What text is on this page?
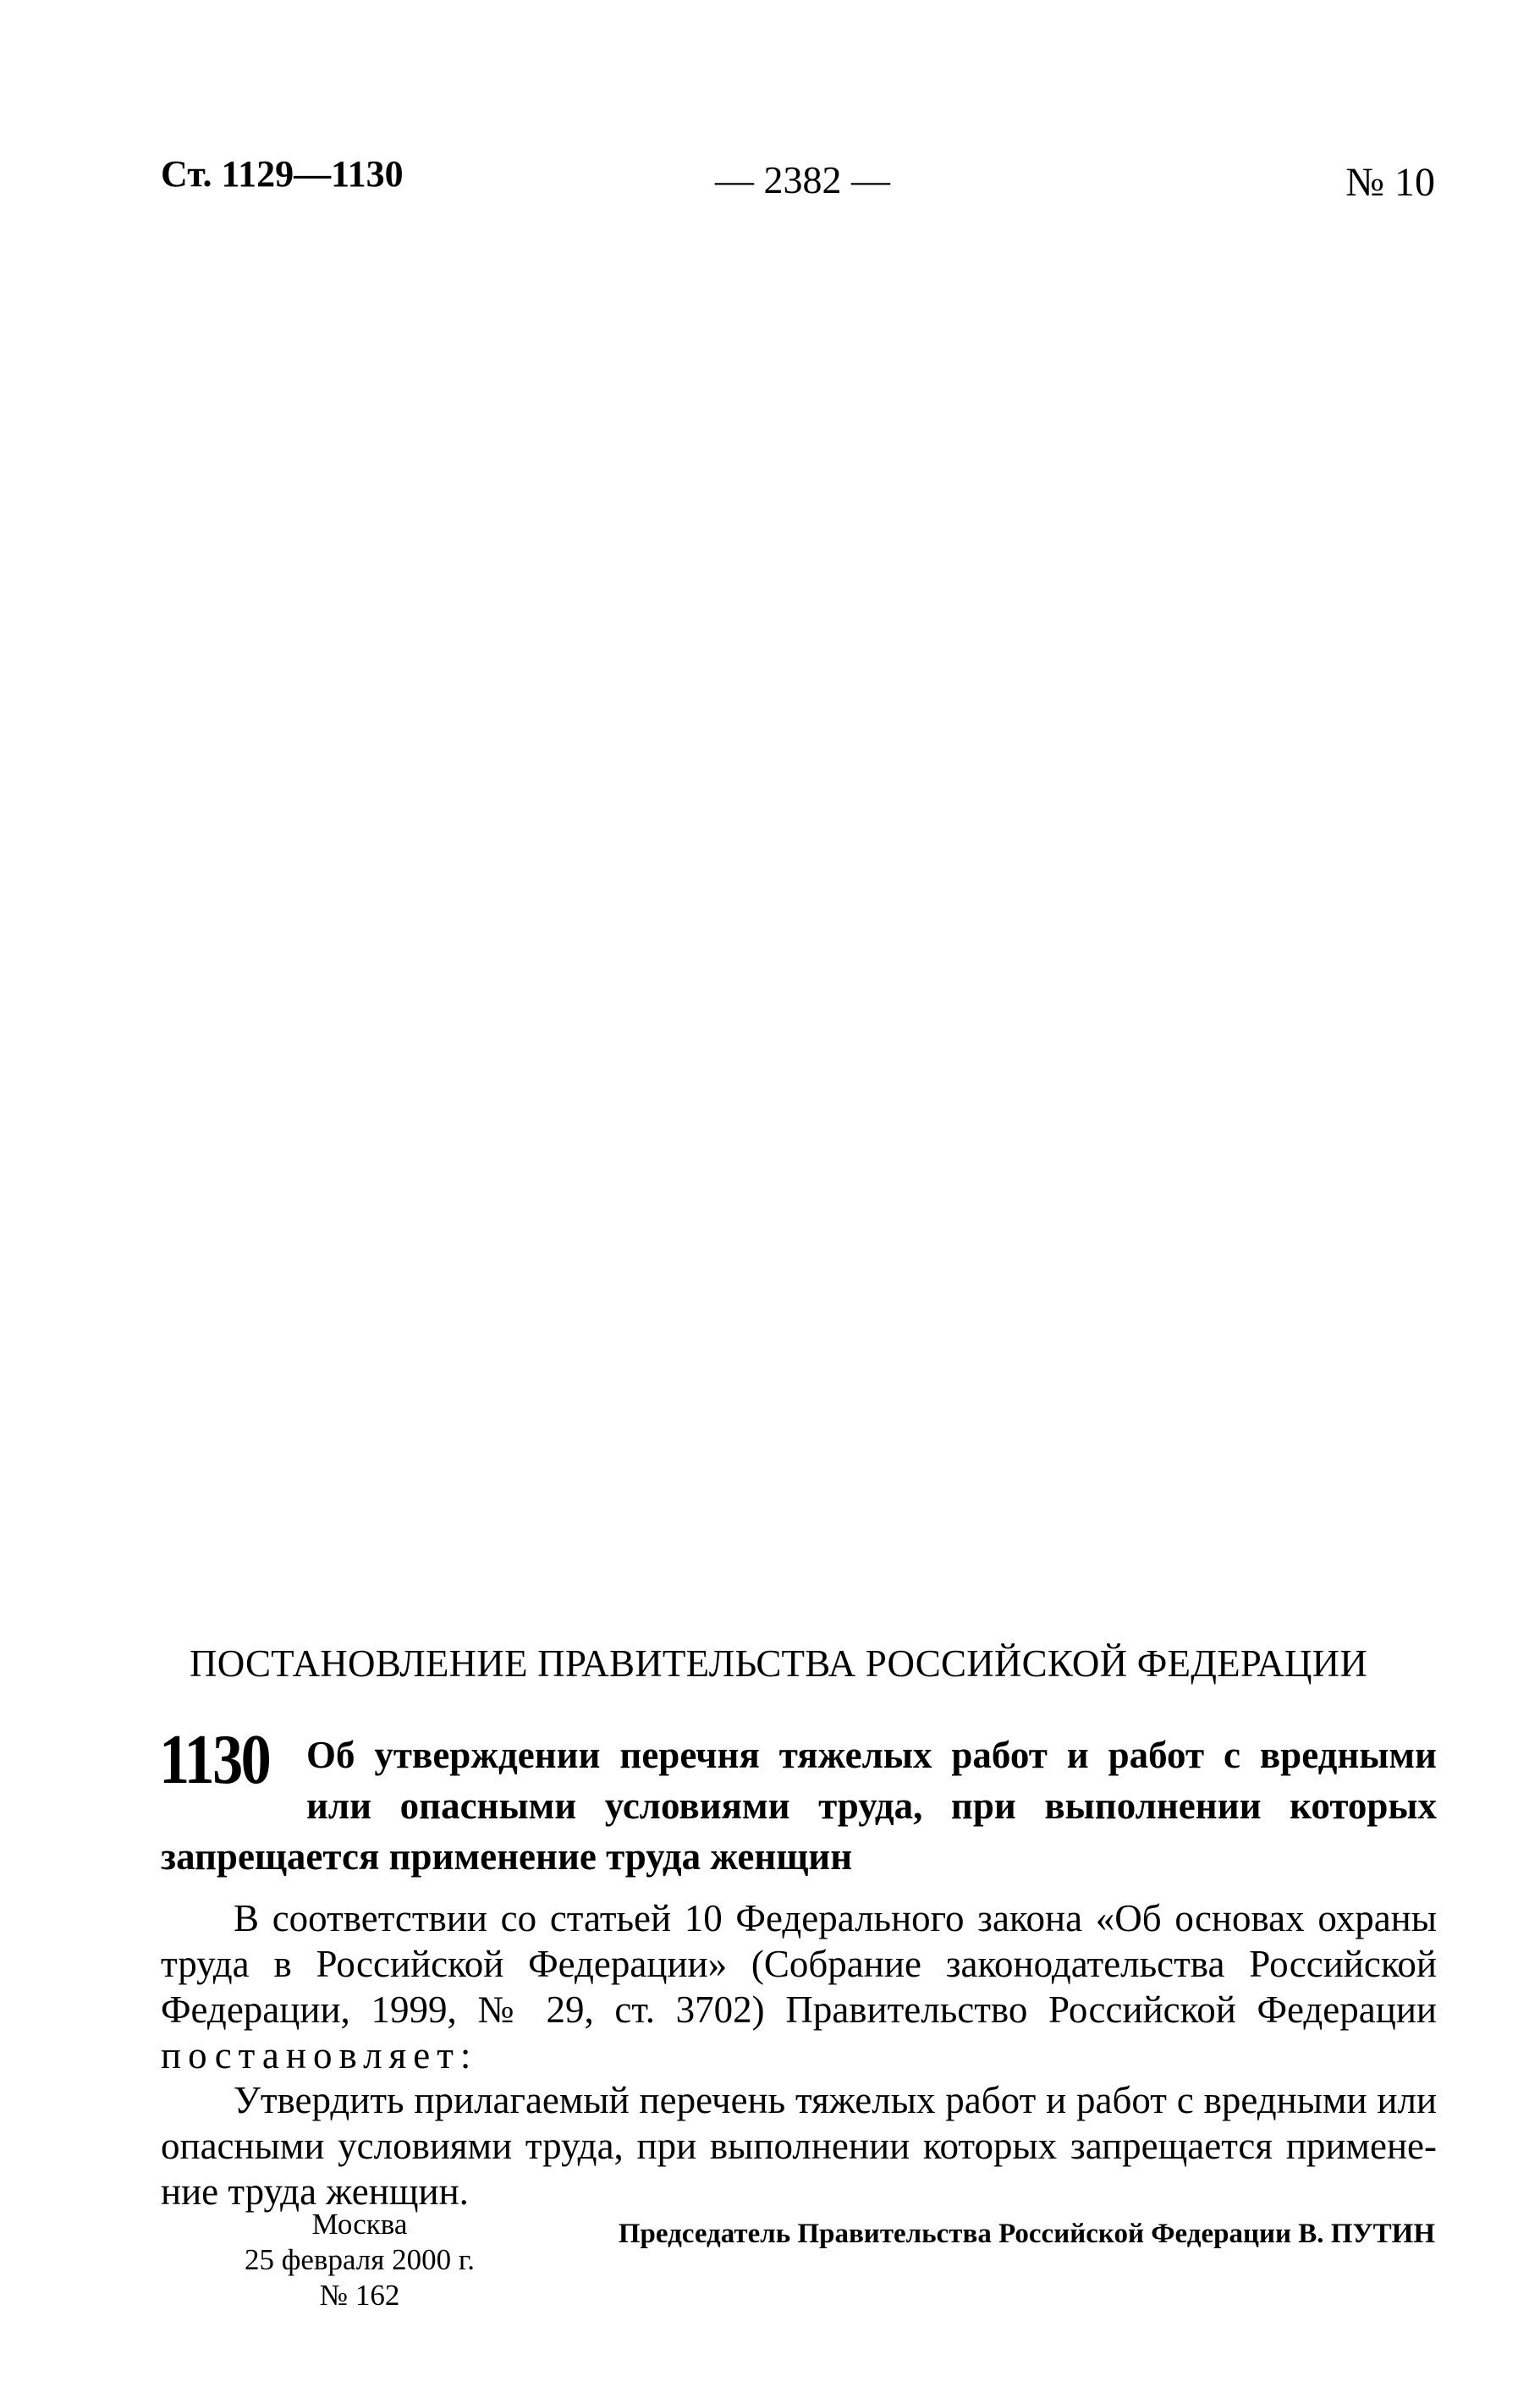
Ст. 1129—1130	— 2382 —	№ 10
ПОСТАНОВЛЕНИЕ ПРАВИТЕЛЬСТВА РОССИЙСКОЙ ФЕДЕРАЦИИ
1130 Об утверждении перечня тяжелых работ и работ с вредными
или опасными условиями труда, при выполнении которых
запрещается применение труда женщин
В соответствии со статьей 10 Федерального закона «Об основах охраны
труда в Российской Федерации» (Собрание законодательства Российской
Федерации, 1999, № 29, ст. 3702) Правительство Российской Федерации
постановляет:
Утвердить прилагаемый перечень тяжелых работ и работ с вредными или
опасными условиями труда, при выполнении которых запрещается примене-
ние труда женщин.
Председатель Правительства Российской Федерации В. ПУТИН
Москва
25 февраля 2000 г.
№ 162
